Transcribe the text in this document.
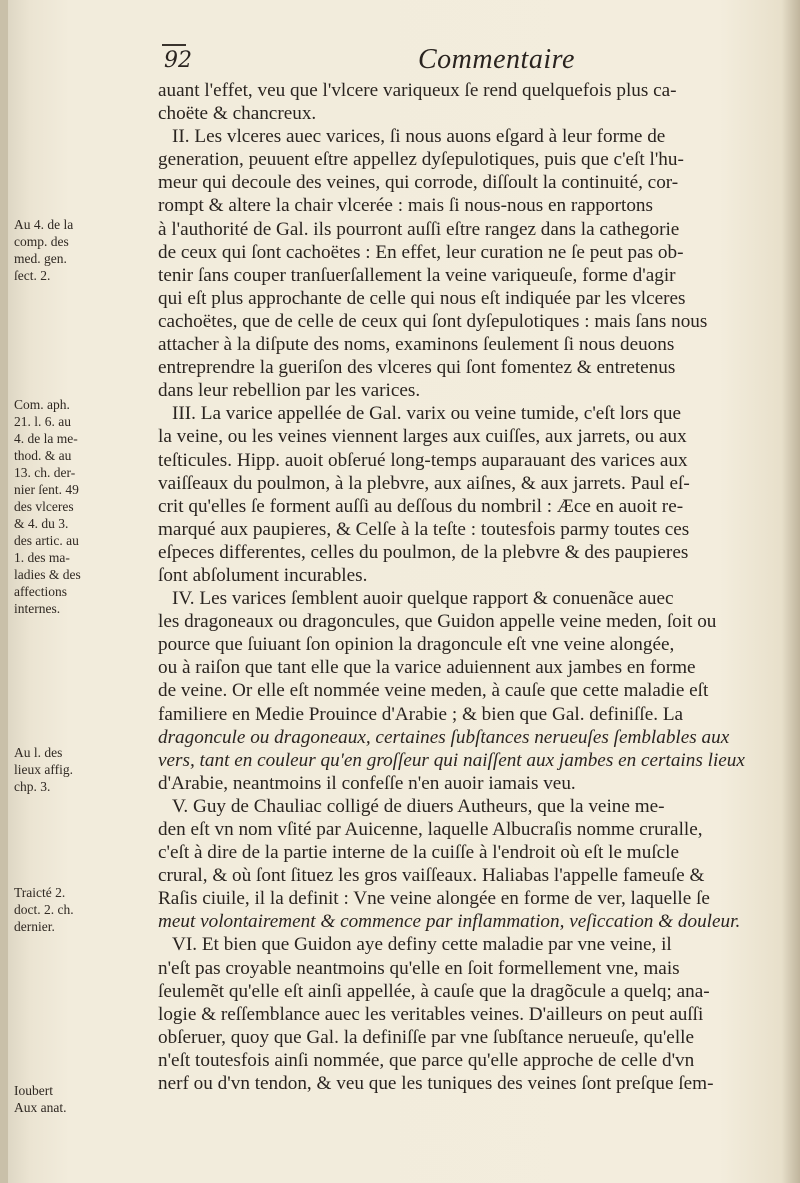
92	Commentaire
Au 4. de la
comp. des
med. gen.
ſect. 2.
Com. aph.
21. l. 6. au
4. de la me-
thod. & au
13. ch. der-
nier ſent. 49
des vlceres
& 4. du 3.
des artic. au
1. des ma-
ladies & des
affections
internes.
Au l. des
lieux affig.
chp. 3.
Traicté 2.
doct. 2. ch.
dernier.
Ioubert
Aux anat.
auant l'effet, veu que l'vlcere variqueux ſe rend quelquefois plus ca-
choëte & chancreux.
II. Les vlceres auec varices, ſi nous auons eſgard à leur forme de
generation, peuuent eſtre appellez dyſepulotiques, puis que c'eſt l'hu-
meur qui decoule des veines, qui corrode, diſſoult la continuité, cor-
rompt & altere la chair vlcerée : mais ſi nous-nous en rapportons
à l'authorité de Gal. ils pourront auſſi eſtre rangez dans la cathegorie
de ceux qui ſont cachoëtes : En effet, leur curation ne ſe peut pas ob-
tenir ſans couper tranſuerſallement la veine variqueuſe, forme d'agir
qui eſt plus approchante de celle qui nous eſt indiquée par les vlceres
cachoëtes, que de celle de ceux qui ſont dyſepulotiques : mais ſans nous
attacher à la diſpute des noms, examinons ſeulement ſi nous deuons
entreprendre la gueriſon des vlceres qui ſont fomentez & entretenus
dans leur rebellion par les varices.
III. La varice appellée de Gal. varix ou veine tumide, c'eſt lors que
la veine, ou les veines viennent larges aux cuiſſes, aux jarrets, ou aux
teſticules. Hipp. auoit obſerué long-temps auparauant des varices aux
vaiſſeaux du poulmon, à la plebvre, aux aiſnes, & aux jarrets. Paul eſ-
crit qu'elles ſe forment auſſi au deſſous du nombril : Æce en auoit re-
marqué aux paupieres, & Celſe à la teſte : toutesfois parmy toutes ces
eſpeces differentes, celles du poulmon, de la plebvre & des paupieres
ſont abſolument incurables.
IV. Les varices ſemblent auoir quelque rapport & conuenãce auec
les dragoneaux ou dragoncules, que Guidon appelle veine meden, ſoit ou
pource que ſuiuant ſon opinion la dragoncule eſt vne veine alongée,
ou à raiſon que tant elle que la varice aduiennent aux jambes en forme
de veine. Or elle eſt nommée veine meden, à cauſe que cette maladie eſt
familiere en Medie Prouince d'Arabie ; & bien que Gal. definiſſe. La
dragoncule ou dragoneaux, certaines ſubſtances nerueuſes ſemblables aux
vers, tant en couleur qu'en groſſeur qui naiſſent aux jambes en certains lieux
d'Arabie, neantmoins il confeſſe n'en auoir iamais veu.
V. Guy de Chauliac colligé de diuers Autheurs, que la veine me-
den eſt vn nom vſité par Auicenne, laquelle Albucraſis nomme cruralle,
c'eſt à dire de la partie interne de la cuiſſe à l'endroit où eſt le muſcle
crural, & où ſont ſituez les gros vaiſſeaux. Haliabas l'appelle fameuſe &
Raſis ciuile, il la definit : Vne veine alongée en forme de ver, laquelle ſe
meut volontairement & commence par inflammation, veſiccation & douleur.
VI. Et bien que Guidon aye definy cette maladie par vne veine, il
n'eſt pas croyable neantmoins qu'elle en ſoit formellement vne, mais
ſeulemẽt qu'elle eſt ainſi appellée, à cauſe que la dragõcule a quelq; ana-
logie & reſſemblance auec les veritables veines. D'ailleurs on peut auſſi
obſeruer, quoy que Gal. la definiſſe par vne ſubſtance nerueuſe, qu'elle
n'eſt toutesfois ainſi nommée, que parce qu'elle approche de celle d'vn
nerf ou d'vn tendon, & veu que les tuniques des veines ſont preſque ſem-
